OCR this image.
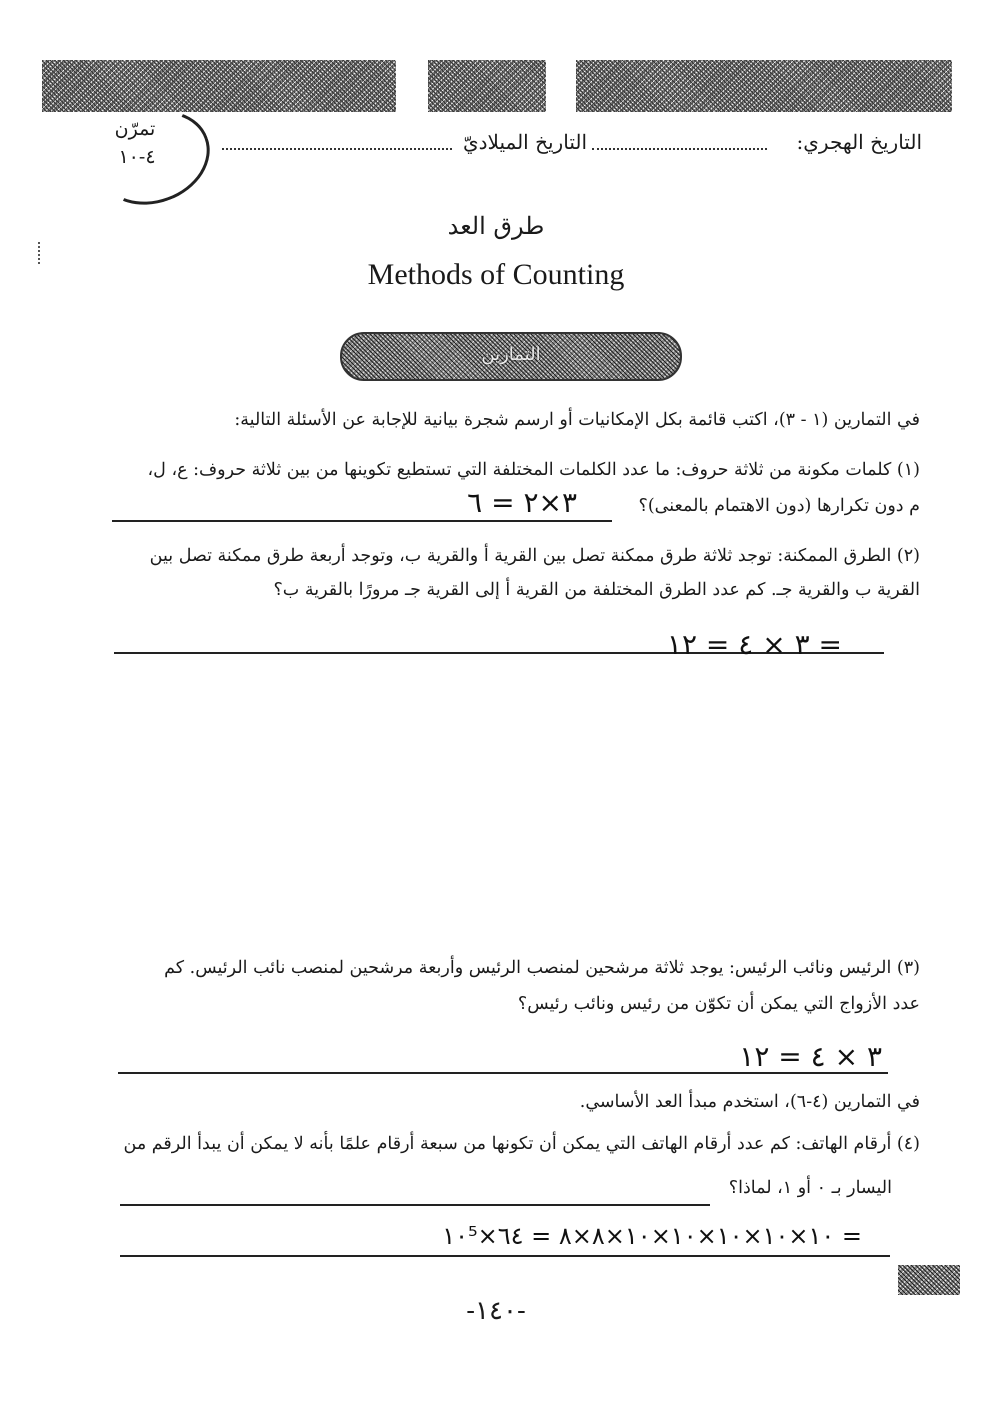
تمرّن
٤-١٠
التاريخ الهجري:
التاريخ الميلاديّ
طرق العد
Methods of Counting
التمارين
في التمارين (١ - ٣)، اكتب قائمة بكل الإمكانيات أو ارسم شجرة بيانية للإجابة عن الأسئلة التالية:
(١) كلمات مكونة من ثلاثة حروف: ما عدد الكلمات المختلفة التي تستطيع تكوينها من بين ثلاثة حروف: ع، ل،
م دون تكرارها (دون الاهتمام بالمعنى)؟
٣×٢ = ٦
(٢) الطرق الممكنة: توجد ثلاثة طرق ممكنة تصل بين القرية أ والقرية ب، وتوجد أربعة طرق ممكنة تصل بين
القرية ب والقرية جـ. كم عدد الطرق المختلفة من القرية أ إلى القرية جـ مرورًا بالقرية ب؟
= ٣ × ٤ = ١٢
(٣) الرئيس ونائب الرئيس: يوجد ثلاثة مرشحين لمنصب الرئيس وأربعة مرشحين لمنصب نائب الرئيس. كم
عدد الأزواج التي يمكن أن تكوّن من رئيس ونائب رئيس؟
٣ × ٤ = ١٢
في التمارين (٤-٦)، استخدم مبدأ العد الأساسي.
(٤) أرقام الهاتف: كم عدد أرقام الهاتف التي يمكن أن تكونها من سبعة أرقام علمًا بأنه لا يمكن أن يبدأ الرقم من
اليسار بـ ٠ أو ١، لماذا؟
= ١٠×١٠×١٠×١٠×١٠×٨×٨ = ٦٤×١٠⁵
-١٤٠-
